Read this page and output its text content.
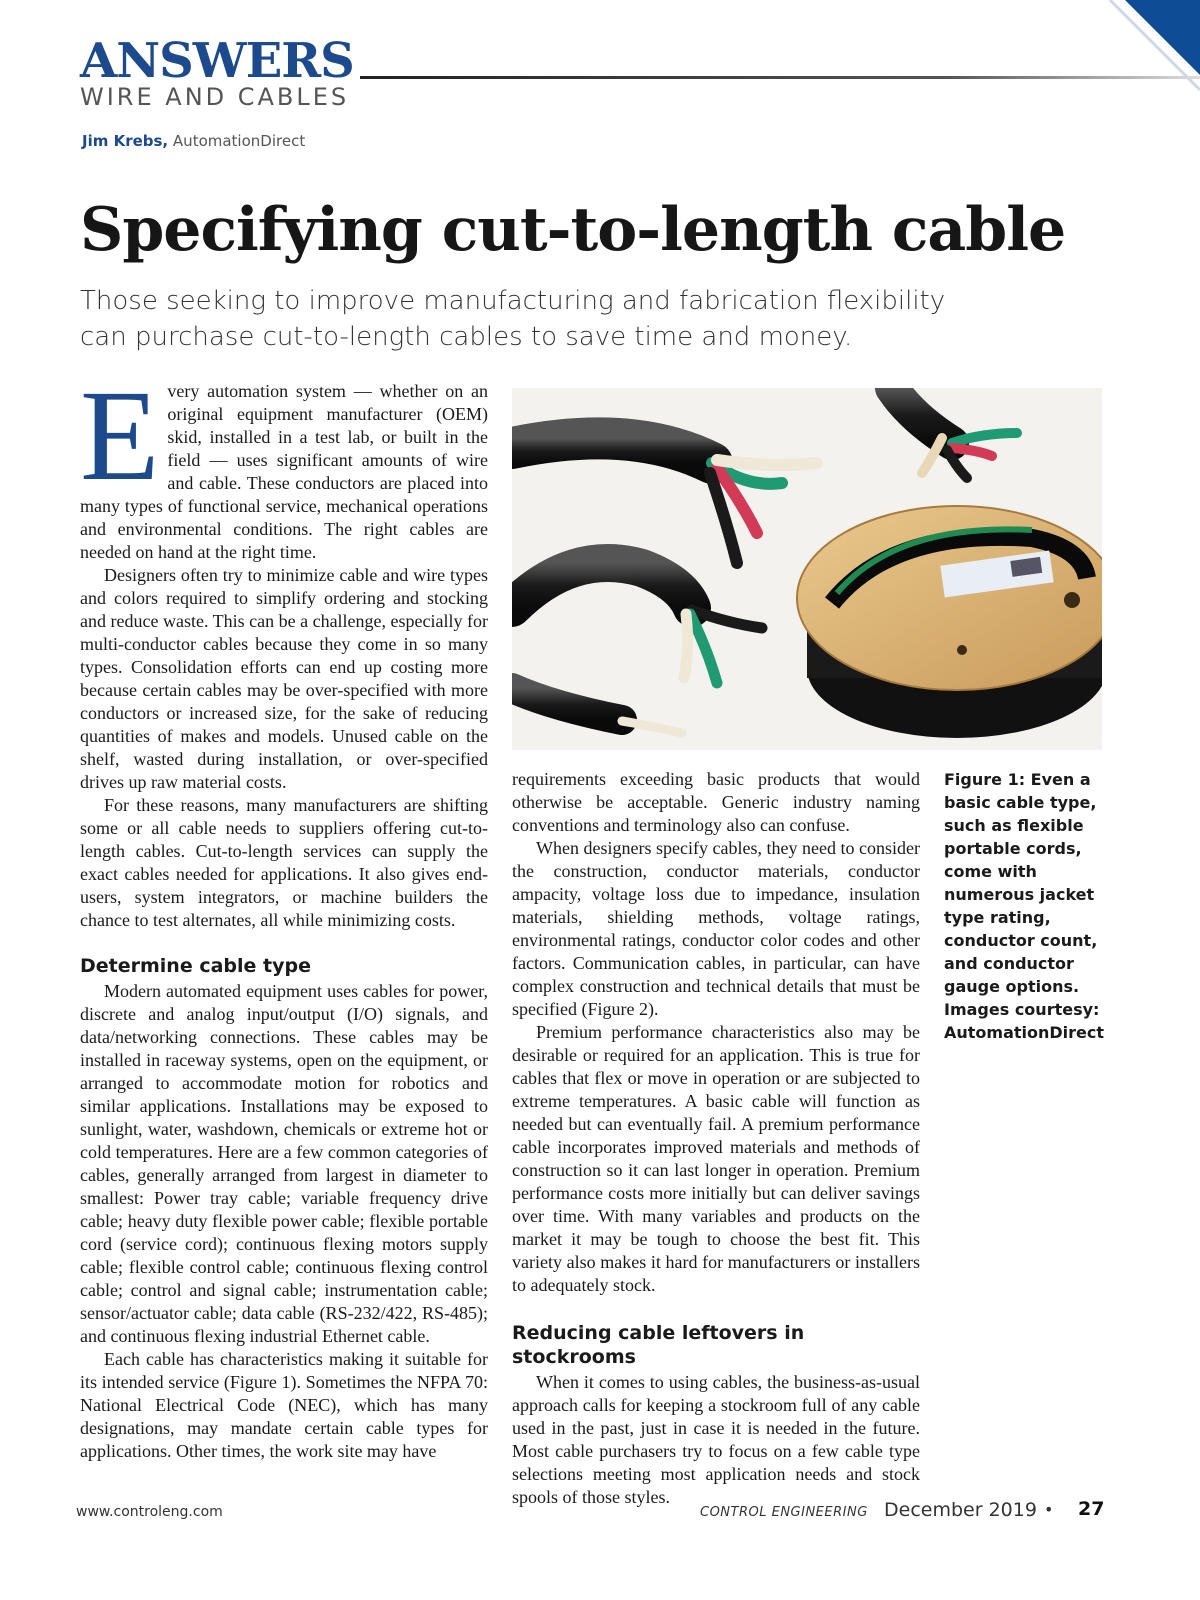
ANSWERS
WIRE AND CABLES
Jim Krebs, AutomationDirect
Specifying cut-to-length cable
Those seeking to improve manufacturing and fabrication flexibility can purchase cut-to-length cables to save time and money.
E very automation system — whether on an original equipment manufacturer (OEM) skid, installed in a test lab, or built in the field — uses significant amounts of wire and cable. These conductors are placed into many types of functional service, mechanical operations and environmental conditions. The right cables are needed on hand at the right time.

Designers often try to minimize cable and wire types and colors required to simplify ordering and stocking and reduce waste. This can be a challenge, especially for multi-conductor cables because they come in so many types. Consolidation efforts can end up costing more because certain cables may be over-specified with more conductors or increased size, for the sake of reducing quantities of makes and models. Unused cable on the shelf, wasted during installation, or over-specified drives up raw material costs.

For these reasons, many manufacturers are shifting some or all cable needs to suppliers offering cut-to-length cables. Cut-to-length services can supply the exact cables needed for applications. It also gives end-users, system integrators, or machine builders the chance to test alternates, all while minimizing costs.

Determine cable type

Modern automated equipment uses cables for power, discrete and analog input/output (I/O) signals, and data/networking connections. These cables may be installed in raceway systems, open on the equipment, or arranged to accommodate motion for robotics and similar applications. Installations may be exposed to sunlight, water, washdown, chemicals or extreme hot or cold temperatures. Here are a few common categories of cables, generally arranged from largest in diameter to smallest: Power tray cable; variable frequency drive cable; heavy duty flexible power cable; flexible portable cord (service cord); continuous flexing motors supply cable; flexible control cable; continuous flexing control cable; control and signal cable; instrumentation cable; sensor/actuator cable; data cable (RS-232/422, RS-485); and continuous flexing industrial Ethernet cable.

Each cable has characteristics making it suitable for its intended service (Figure 1). Sometimes the NFPA 70: National Electrical Code (NEC), which has many designations, may mandate certain cable types for applications. Other times, the work site may have

requirements exceeding basic products that would otherwise be acceptable. Generic industry naming conventions and terminology also can confuse.

When designers specify cables, they need to consider the construction, conductor materials, conductor ampacity, voltage loss due to impedance, insulation materials, shielding methods, voltage ratings, environmental ratings, conductor color codes and other factors. Communication cables, in particular, can have complex construction and technical details that must be specified (Figure 2).

Premium performance characteristics also may be desirable or required for an application. This is true for cables that flex or move in operation or are subjected to extreme temperatures. A basic cable will function as needed but can eventually fail. A premium performance cable incorporates improved materials and methods of construction so it can last longer in operation. Premium performance costs more initially but can deliver savings over time. With many variables and products on the market it may be tough to choose the best fit. This variety also makes it hard for manufacturers or installers to adequately stock.

Reducing cable leftovers in stockrooms

When it comes to using cables, the business-as-usual approach calls for keeping a stockroom full of any cable used in the past, just in case it is needed in the future. Most cable purchasers try to focus on a few cable type selections meeting most application needs and stock spools of those styles.

Figure 1: Even a basic cable type, such as flexible portable cords, come with numerous jacket type rating, conductor count, and conductor gauge options. Images courtesy: AutomationDirect
www.controleng.com	CONTROL ENGINEERING December 2019 • 27
